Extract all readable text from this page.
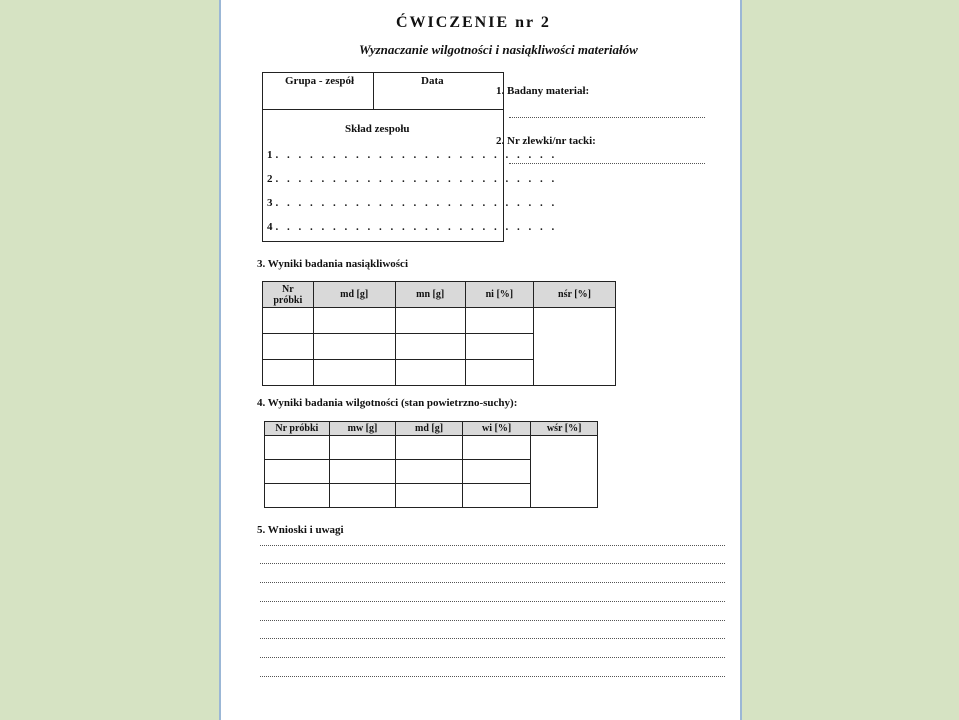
ĆWICZENIE nr 2
Wyznaczanie wilgotności i nasiąkliwości materiałów
Grupa - zespół	Data
Skład zespołu
1. . . . . . . . . . . . . . . . . . . . . . . . .
2. . . . . . . . . . . . . . . . . . . . . . . . .
3. . . . . . . . . . . . . . . . . . . . . . . . .
4. . . . . . . . . . . . . . . . . . . . . . . . .
1. Badany materiał:
2. Nr zlewki/nr tacki:
3. Wyniki badania nasiąkliwości
Nr
próbki	md [g]	mn [g]	ni [%]	nśr [%]

4. Wyniki badania wilgotności (stan powietrzno-suchy):
Nr próbki	mw [g]	md [g]	wi [%]	wśr [%]

5. Wnioski i uwagi
